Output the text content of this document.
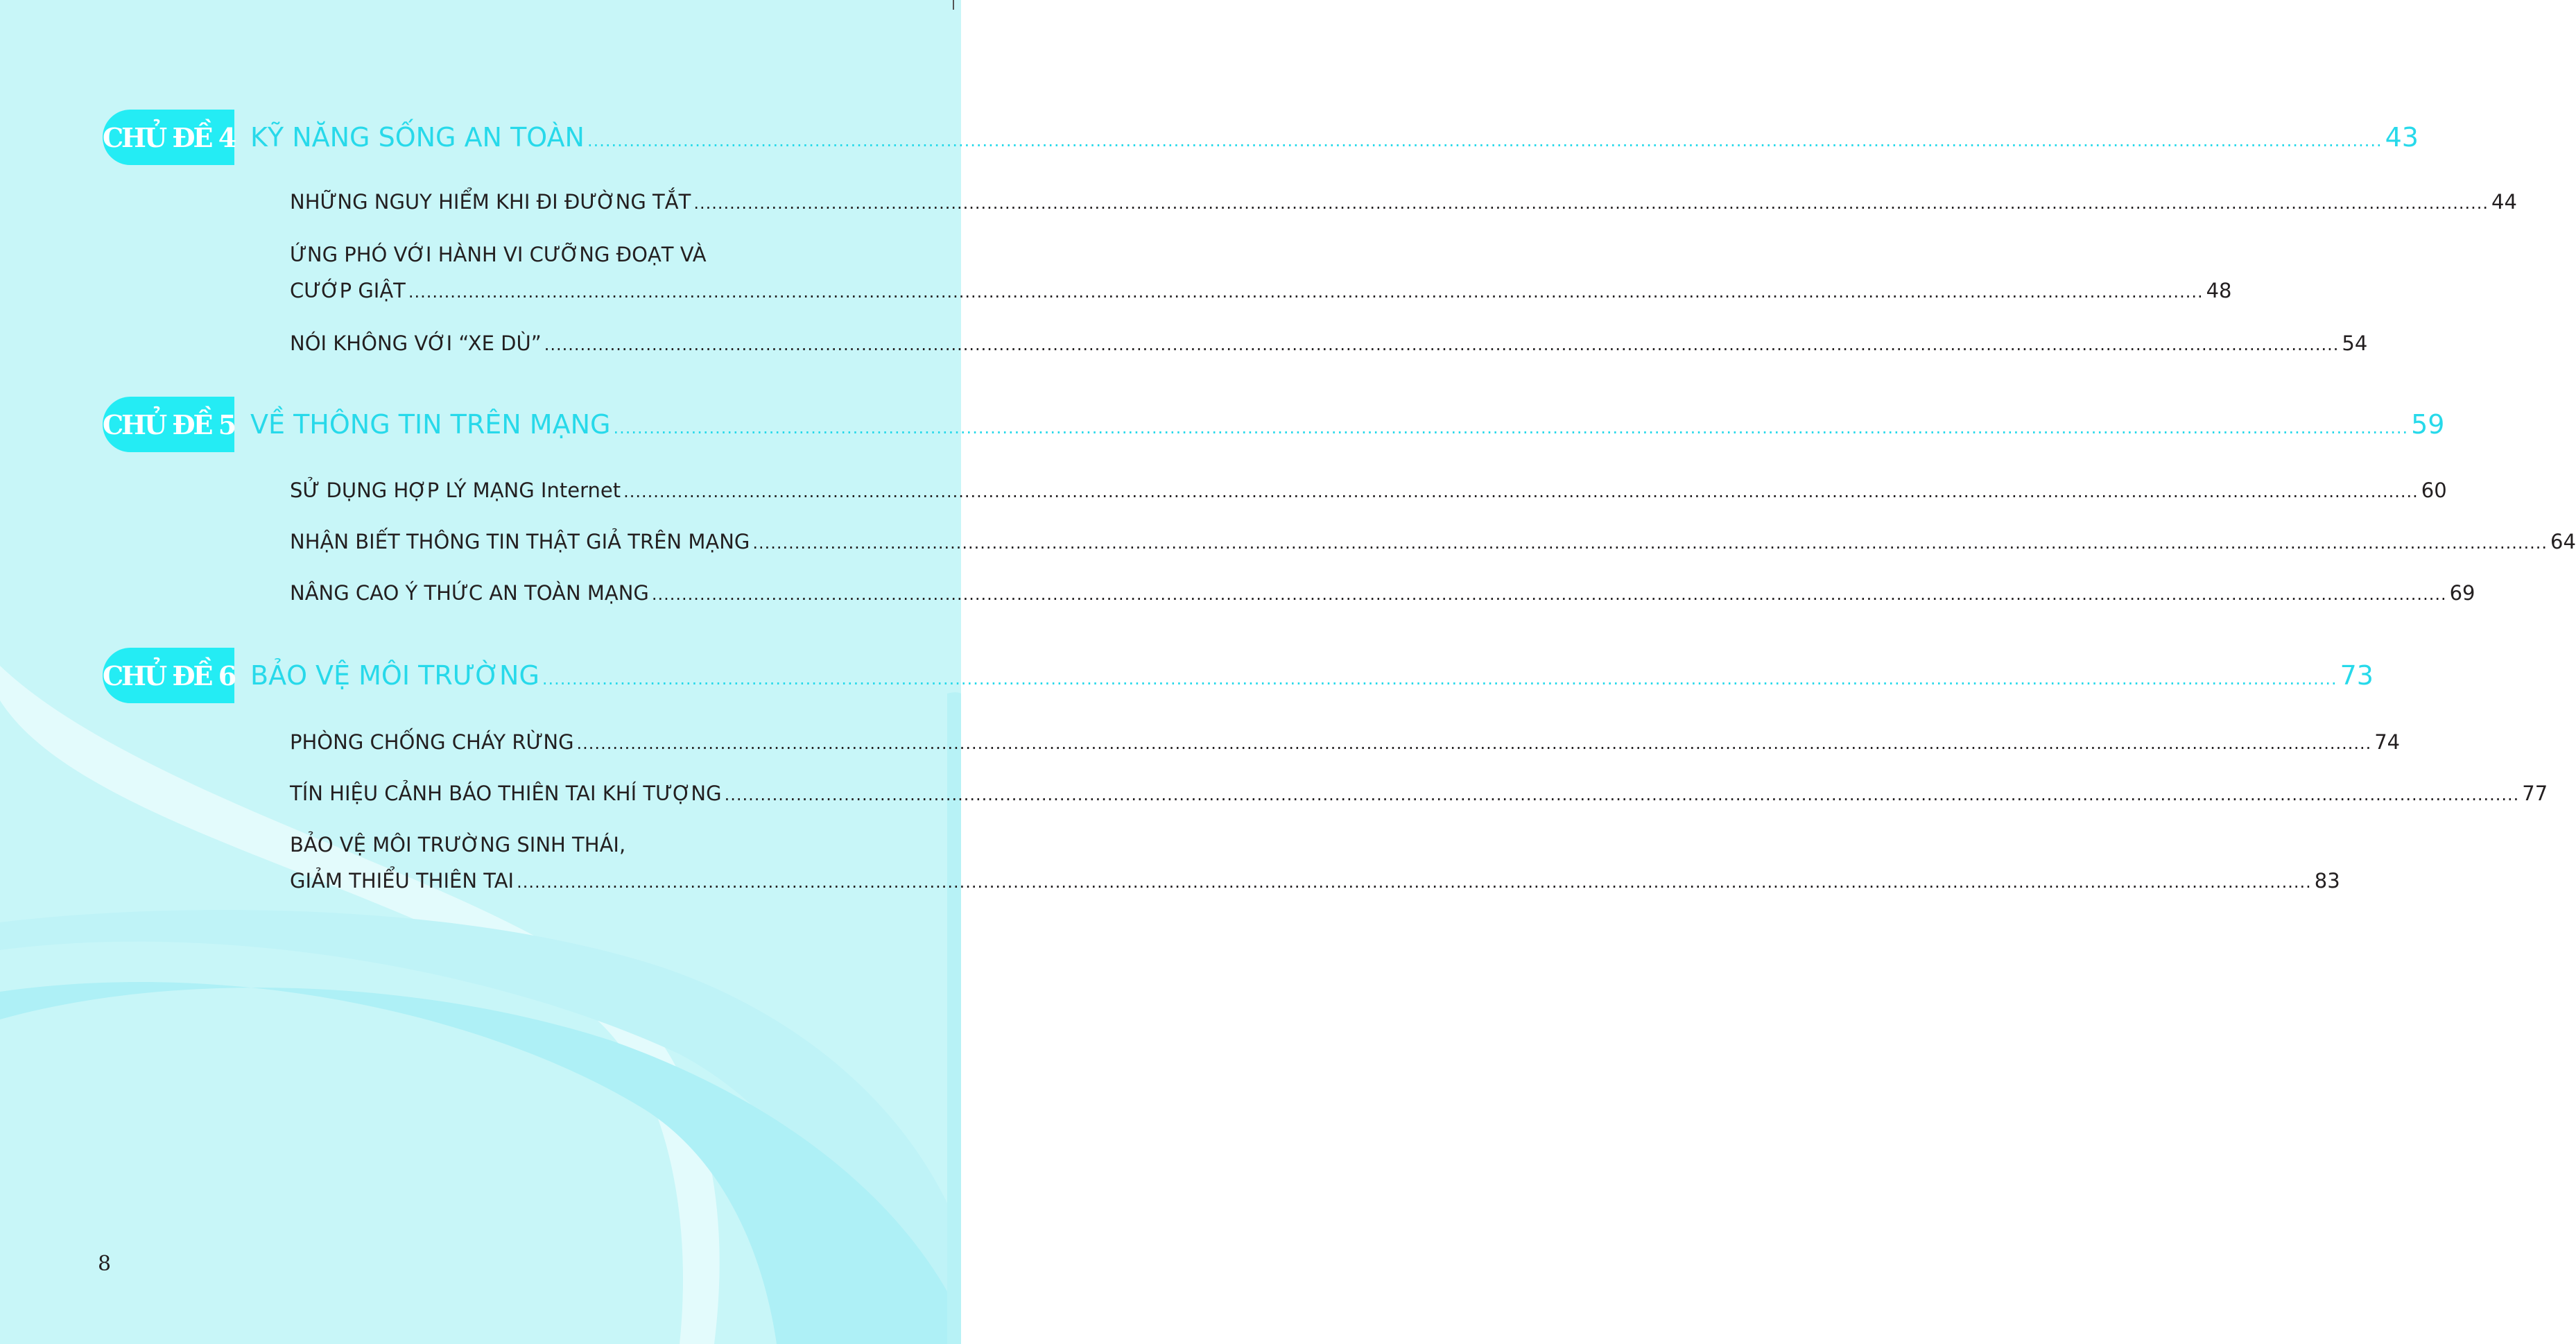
CHỦ ĐỀ 4 KỸ NĂNG SỐNG AN TOÀN ............................................................................................................................................................................................................................................................................................................ 43
NHỮNG NGUY HIỂM KHI ĐI ĐƯỜNG TẮT ............................................................................................................................................................................................................................................................................................................ 44
ỨNG PHÓ VỚI HÀNH VI CƯỠNG ĐOẠT VÀ
CƯỚP GIẬT ............................................................................................................................................................................................................................................................................................................ 48
NÓI KHÔNG VỚI “XE DÙ” ............................................................................................................................................................................................................................................................................................................ 54
CHỦ ĐỀ 5 VỀ THÔNG TIN TRÊN MẠNG ............................................................................................................................................................................................................................................................................................................ 59
SỬ DỤNG HỢP LÝ MẠNG Internet ............................................................................................................................................................................................................................................................................................................ 60
NHẬN BIẾT THÔNG TIN THẬT GIẢ TRÊN MẠNG ............................................................................................................................................................................................................................................................................................................ 64
NÂNG CAO Ý THỨC AN TOÀN MẠNG ............................................................................................................................................................................................................................................................................................................ 69
CHỦ ĐỀ 6 BẢO VỆ MÔI TRƯỜNG ............................................................................................................................................................................................................................................................................................................ 73
PHÒNG CHỐNG CHÁY RỪNG ............................................................................................................................................................................................................................................................................................................ 74
TÍN HIỆU CẢNH BÁO THIÊN TAI KHÍ TƯỢNG ............................................................................................................................................................................................................................................................................................................ 77
BẢO VỆ MÔI TRƯỜNG SINH THÁI,
GIẢM THIỂU THIÊN TAI ............................................................................................................................................................................................................................................................................................................ 83
8
